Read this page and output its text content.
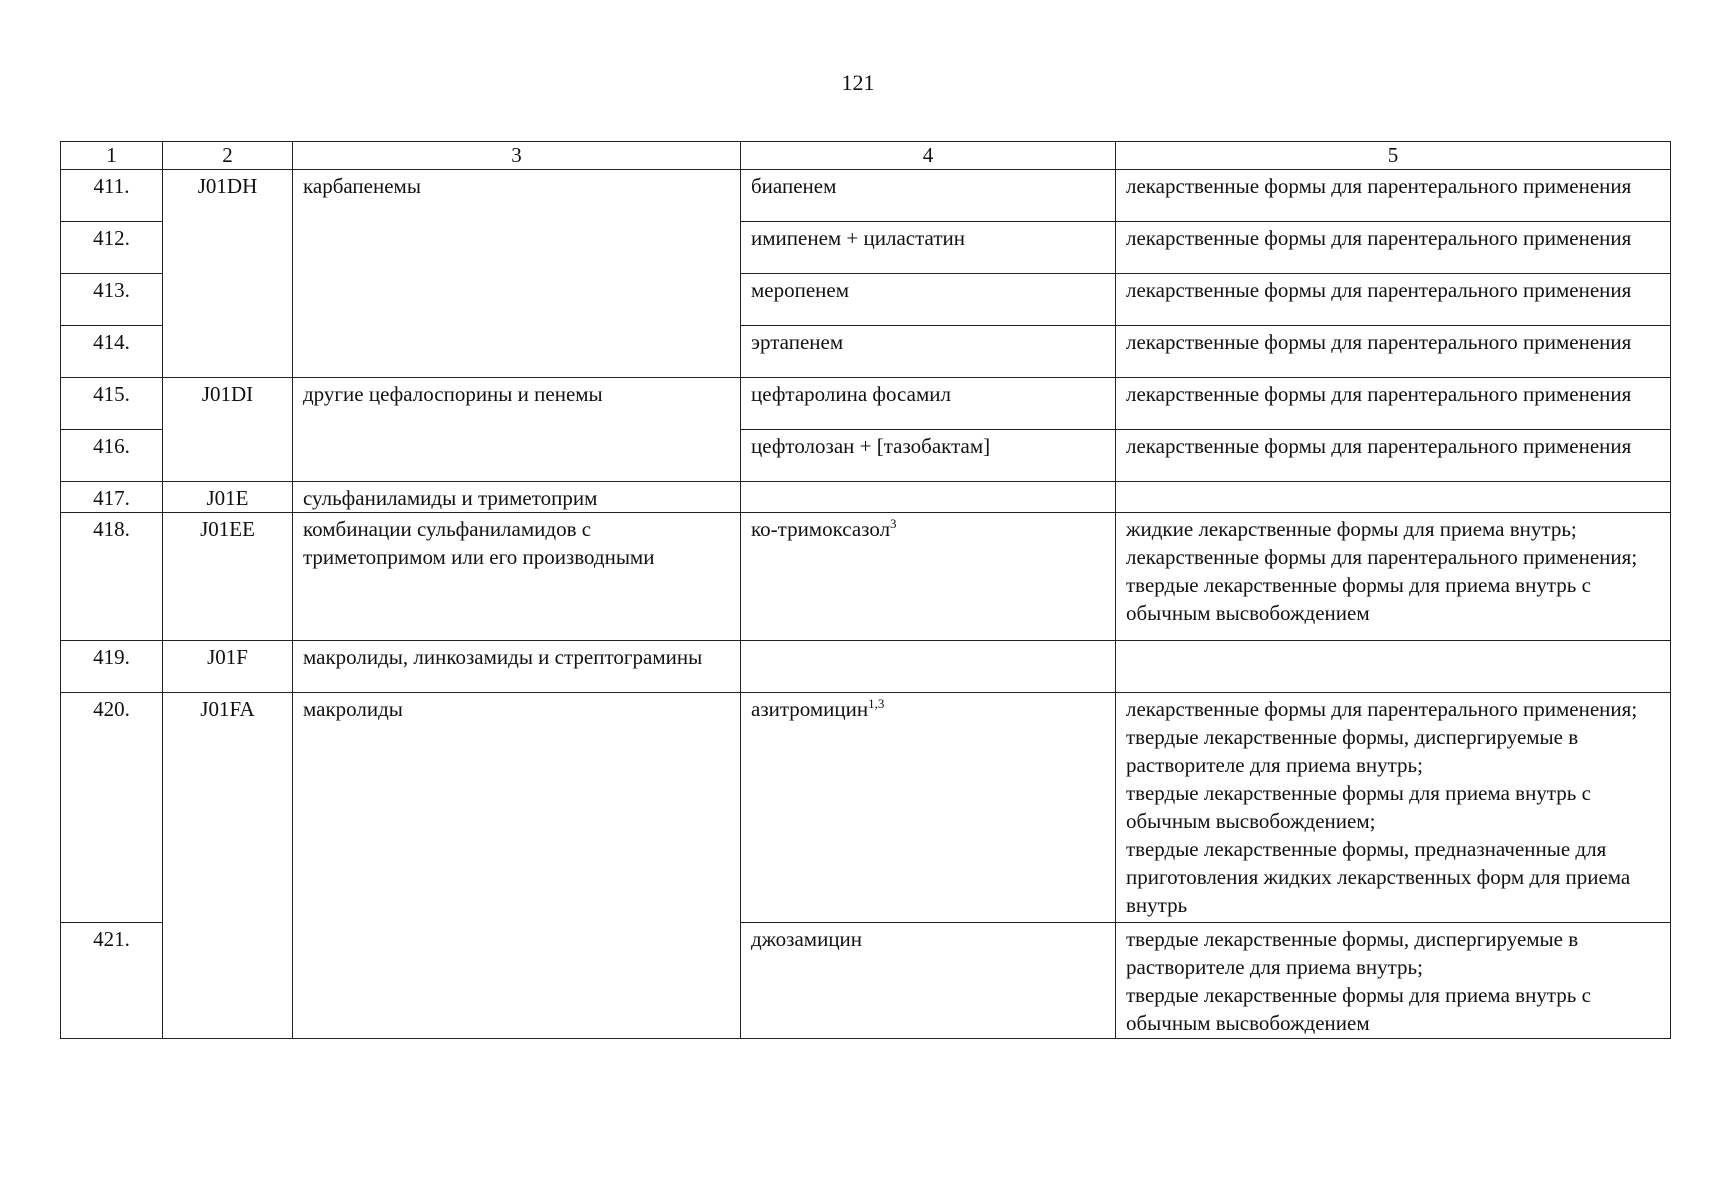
121
1	2	3	4	5
411.	J01DH	карбапенемы	биапенем	лекарственные формы для парентерального применения

412.			имипенем + циластатин	лекарственные формы для парентерального применения

413.			меропенем	лекарственные формы для парентерального применения

414.			эртапенем	лекарственные формы для парентерального применения

415.	J01DI	другие цефалоспорины и пенемы	цефтаролина фосамил	лекарственные формы для парентерального применения

416.			цефтолозан + [тазобактам]	лекарственные формы для парентерального применения

417.	J01E	сульфаниламиды и триметоприм		
418.	J01EE	комбинации сульфаниламидов с триметопримом или его производными	ко-тримоксазол$^3$	жидкие лекарственные формы для приема внутрь;
лекарственные формы для парентерального применения;
твердые лекарственные формы для приема внутрь с обычным высвобождением

419.	J01F	макролиды, линкозамиды и стрептограмины		
420.	J01FA	макролиды	азитромицин$^{1,3}$	лекарственные формы для парентерального применения;
твердые лекарственные формы, диспергируемые в растворителе для приема внутрь;
твердые лекарственные формы для приема внутрь с обычным высвобождением;
твердые лекарственные формы, предназначенные для приготовления жидких лекарственных форм для приема внутрь

421.			джозамицин	твердые лекарственные формы, диспергируемые в растворителе для приема внутрь;
твердые лекарственные формы для приема внутрь с обычным высвобождением
